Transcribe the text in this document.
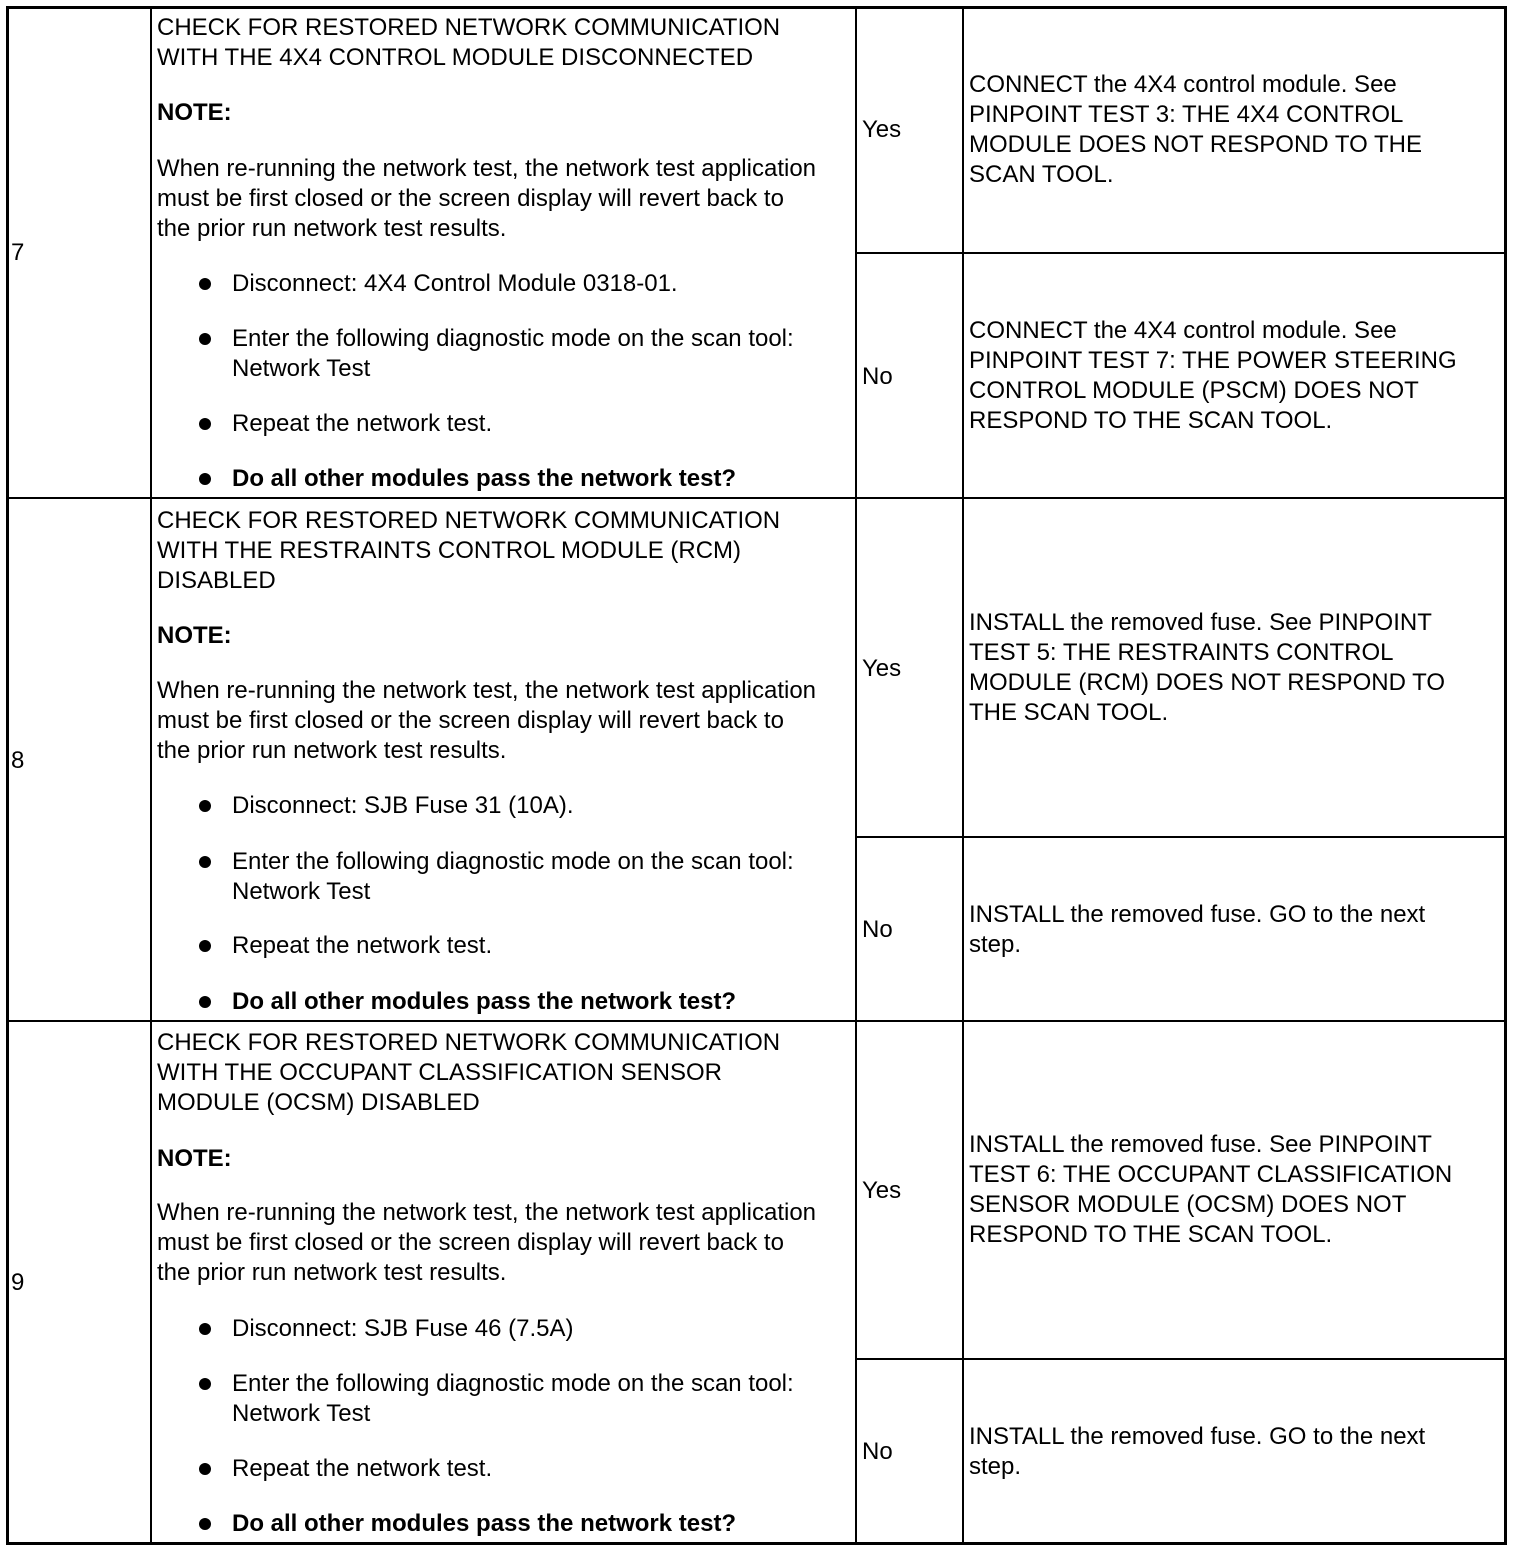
7
CHECK FOR RESTORED NETWORK COMMUNICATION
WITH THE 4X4 CONTROL MODULE DISCONNECTED
NOTE:
When re-running the network test, the network test application
must be first closed or the screen display will revert back to
the prior run network test results.
Disconnect: 4X4 Control Module 0318-01.
Enter the following diagnostic mode on the scan tool:
Network Test
Repeat the network test.
Do all other modules pass the network test?
Yes
CONNECT the 4X4 control module. See
PINPOINT TEST 3: THE 4X4 CONTROL
MODULE DOES NOT RESPOND TO THE
SCAN TOOL.
No
CONNECT the 4X4 control module. See
PINPOINT TEST 7: THE POWER STEERING
CONTROL MODULE (PSCM) DOES NOT
RESPOND TO THE SCAN TOOL.
8
CHECK FOR RESTORED NETWORK COMMUNICATION
WITH THE RESTRAINTS CONTROL MODULE (RCM)
DISABLED
NOTE:
When re-running the network test, the network test application
must be first closed or the screen display will revert back to
the prior run network test results.
Disconnect: SJB Fuse 31 (10A).
Enter the following diagnostic mode on the scan tool:
Network Test
Repeat the network test.
Do all other modules pass the network test?
Yes
INSTALL the removed fuse. See PINPOINT
TEST 5: THE RESTRAINTS CONTROL
MODULE (RCM) DOES NOT RESPOND TO
THE SCAN TOOL.
No
INSTALL the removed fuse. GO to the next
step.
9
CHECK FOR RESTORED NETWORK COMMUNICATION
WITH THE OCCUPANT CLASSIFICATION SENSOR
MODULE (OCSM) DISABLED
NOTE:
When re-running the network test, the network test application
must be first closed or the screen display will revert back to
the prior run network test results.
Disconnect: SJB Fuse 46 (7.5A)
Enter the following diagnostic mode on the scan tool:
Network Test
Repeat the network test.
Do all other modules pass the network test?
Yes
INSTALL the removed fuse. See PINPOINT
TEST 6: THE OCCUPANT CLASSIFICATION
SENSOR MODULE (OCSM) DOES NOT
RESPOND TO THE SCAN TOOL.
No
INSTALL the removed fuse. GO to the next
step.
